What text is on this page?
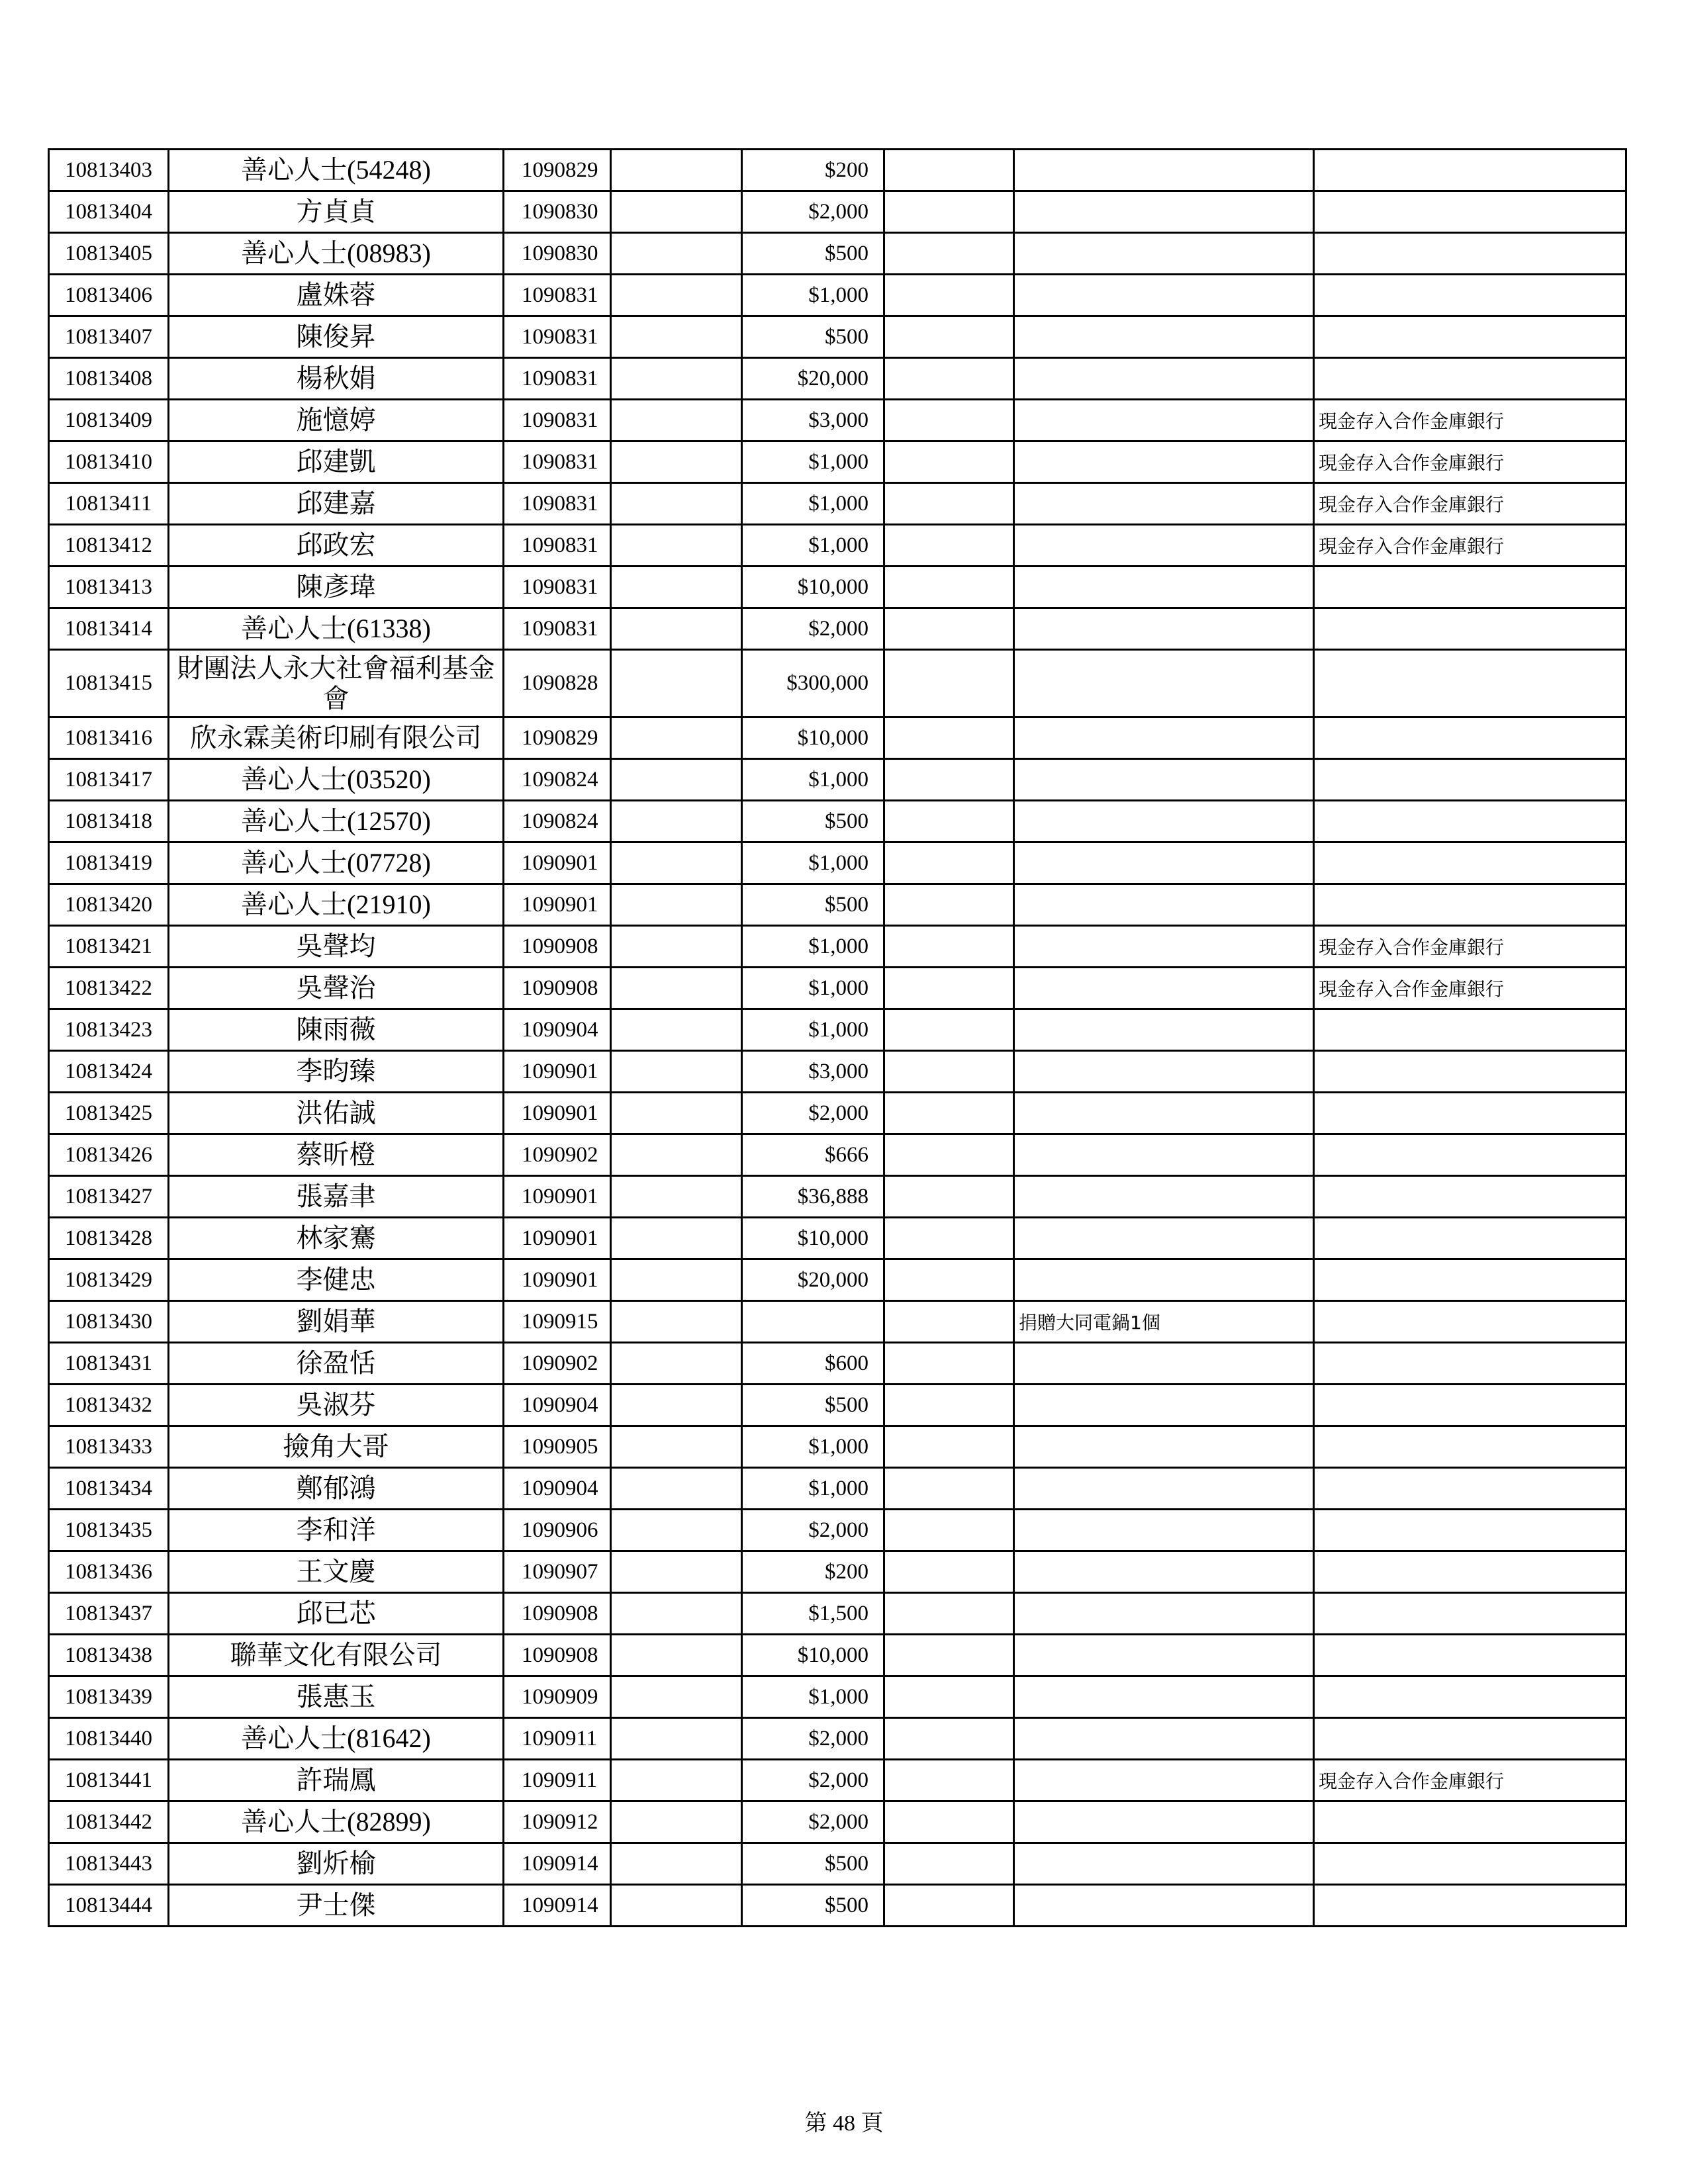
10813403	善心人士(54248)	1090829		$200			
10813404	方貞貞	1090830		$2,000			
10813405	善心人士(08983)	1090830		$500			
10813406	盧姝蓉	1090831		$1,000			
10813407	陳俊昇	1090831		$500			
10813408	楊秋娟	1090831		$20,000			
10813409	施憶婷	1090831		$3,000			現金存入合作金庫銀行
10813410	邱建凱	1090831		$1,000			現金存入合作金庫銀行
10813411	邱建嘉	1090831		$1,000			現金存入合作金庫銀行
10813412	邱政宏	1090831		$1,000			現金存入合作金庫銀行
10813413	陳彥瑋	1090831		$10,000			
10813414	善心人士(61338)	1090831		$2,000			
10813415	財團法人永大社會福利基金會	1090828		$300,000			
10813416	欣永霖美術印刷有限公司	1090829		$10,000			
10813417	善心人士(03520)	1090824		$1,000			
10813418	善心人士(12570)	1090824		$500			
10813419	善心人士(07728)	1090901		$1,000			
10813420	善心人士(21910)	1090901		$500			
10813421	吳聲均	1090908		$1,000			現金存入合作金庫銀行
10813422	吳聲治	1090908		$1,000			現金存入合作金庫銀行
10813423	陳雨薇	1090904		$1,000			
10813424	李昀臻	1090901		$3,000			
10813425	洪佑誠	1090901		$2,000			
10813426	蔡昕橙	1090902		$666			
10813427	張嘉聿	1090901		$36,888			
10813428	林家騫	1090901		$10,000			
10813429	李健忠	1090901		$20,000			
10813430	劉娟華	1090915				捐贈大同電鍋1個	
10813431	徐盈恬	1090902		$600			
10813432	吳淑芬	1090904		$500			
10813433	撿角大哥	1090905		$1,000			
10813434	鄭郁鴻	1090904		$1,000			
10813435	李和洋	1090906		$2,000			
10813436	王文慶	1090907		$200			
10813437	邱已芯	1090908		$1,500			
10813438	聯華文化有限公司	1090908		$10,000			
10813439	張惠玉	1090909		$1,000			
10813440	善心人士(81642)	1090911		$2,000			
10813441	許瑞鳳	1090911		$2,000			現金存入合作金庫銀行
10813442	善心人士(82899)	1090912		$2,000			
10813443	劉炘榆	1090914		$500			
10813444	尹士傑	1090914		$500			
第 48 頁
